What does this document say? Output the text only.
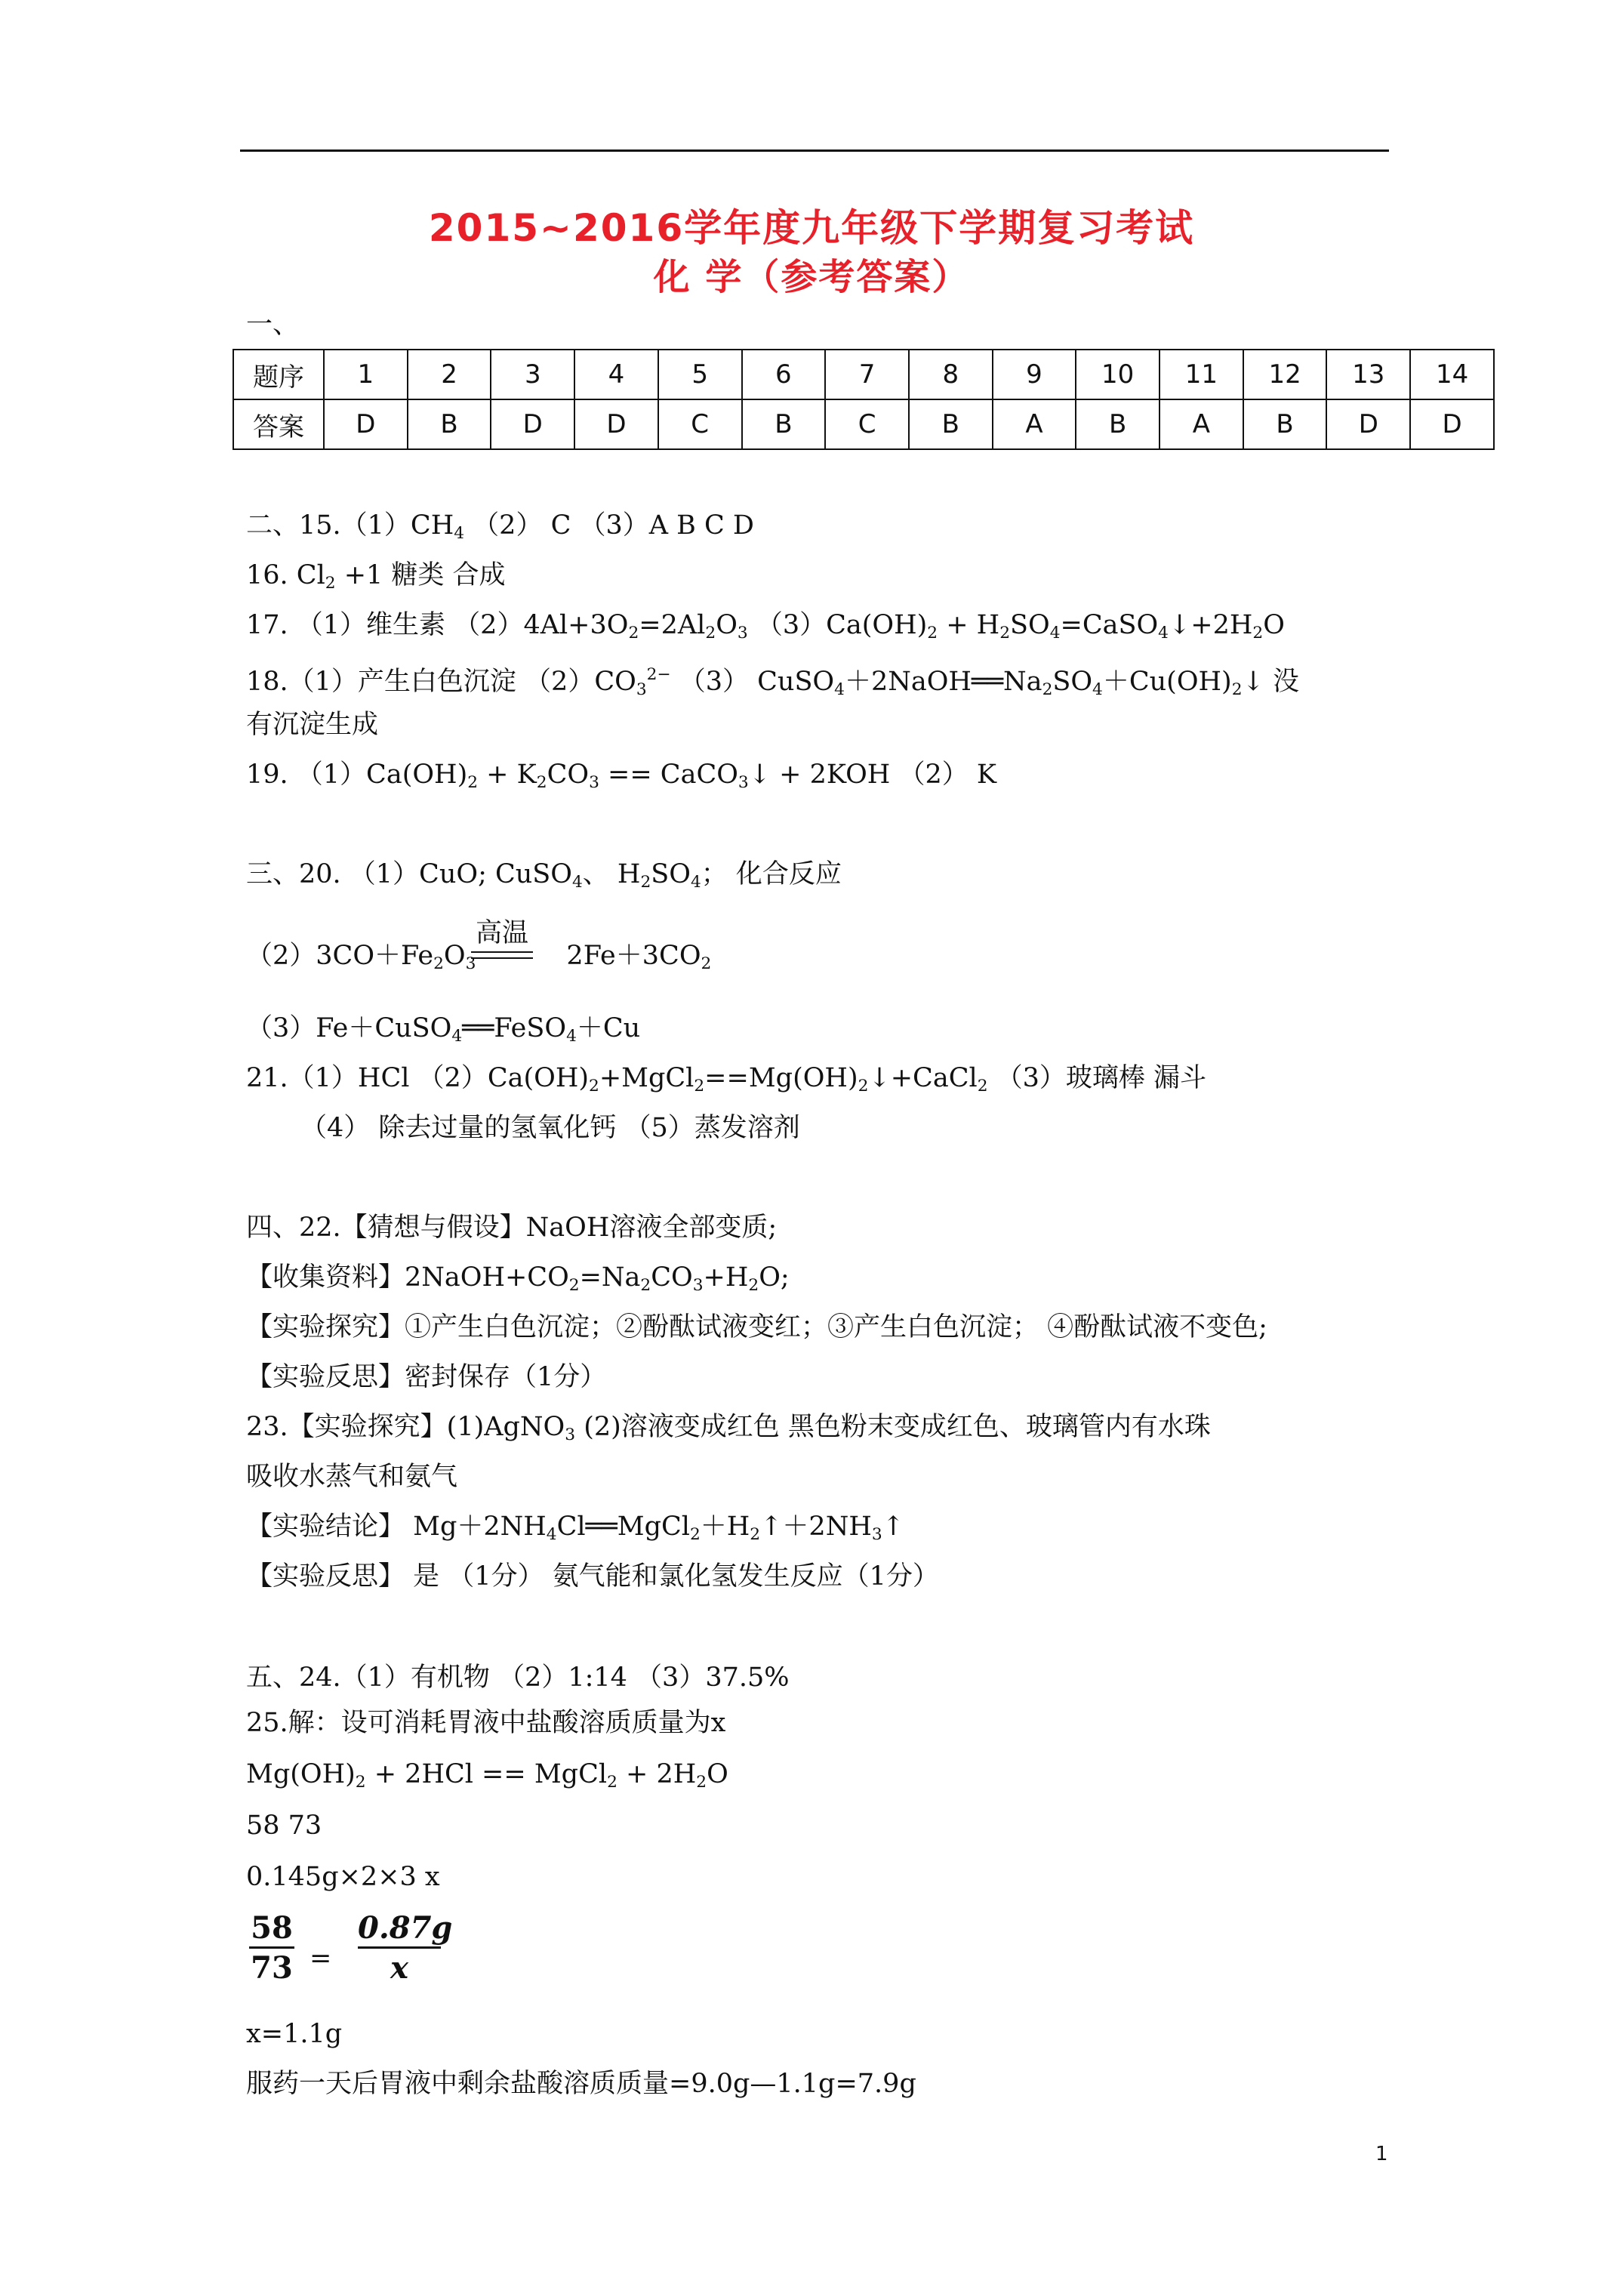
2015~2016学年度九年级下学期复习考试
化 学（参考答案）
一、
题序	1	2	3	4	5	6	7	8	9	10	11	12	13	14
答案	D	B	D	D	C	B	C	B	A	B	A	B	D	D
二、$15.(1)CH_4$ （2） C （3）A B C D
16. $Cl_2 +1$ 糖类 合成
17. （1）维生素 $(2)4Al+3O_2=2Al_2O_3$ $(3)Ca(OH)_2$ + $H_2SO_4=CaSO_4↓+2H_2O$
18.（1）产生白色沉淀 $(2)CO_3^{2-}$ （3） $CuSO_4+2NaOH══Na_2SO_4+Cu(OH)_2↓$ 没
有沉淀生成
19. $(1)Ca(OH)_2 + K_2CO_3$ == CaCO$_3$↓ + 2KOH （2） K
三、20. （1）CuO; CuSO$_4$、 $H_2SO_4$； 化合反应
$(2)3CO+Fe_2O_3$	$2Fe+3CO_2$
高温
（3）Fe＋CuSO$_4$══FeSO$_4$＋Cu
21.（1）HCl $(2)Ca(OH)_2+MgCl_2==Mg(OH)_2↓+CaCl_2$ （3）玻璃棒 漏斗
（4） 除去过量的氢氧化钙 （5）蒸发溶剂
四、22.【猜想与假设】NaOH溶液全部变质;
【收集资料】$2NaOH+CO_2=Na_2CO_3+H_2O$;
【实验探究】①产生白色沉淀；②酚酞试液变红；③产生白色沉淀； ④酚酞试液不变色;
【实验反思】密封保存（1分）
23.【实验探究】(1)AgNO$_3$ (2)溶液变成红色 黑色粉末变成红色、玻璃管内有水珠
吸收水蒸气和氨气
【实验结论】 $Mg+2NH_4Cl══MgCl_2+H_2↑+2NH_3↑$
【实验反思】 是 （1分） 氨气能和氯化氢发生反应（1分）
五、24.（1）有机物 （2）1:14 （3）37.5%
25.解：设可消耗胃液中盐酸溶质质量为x
$Mg(OH)_2 + 2HCl$ == MgCl$_2$ + $2H_2O$
58 73
0.145g×2×3 x
$\frac{58}{73} = \frac{0.87g}{x}$
x=1.1g
服药一天后胃液中剩余盐酸溶质质量=9.0g—1.1g=7.9g
1
